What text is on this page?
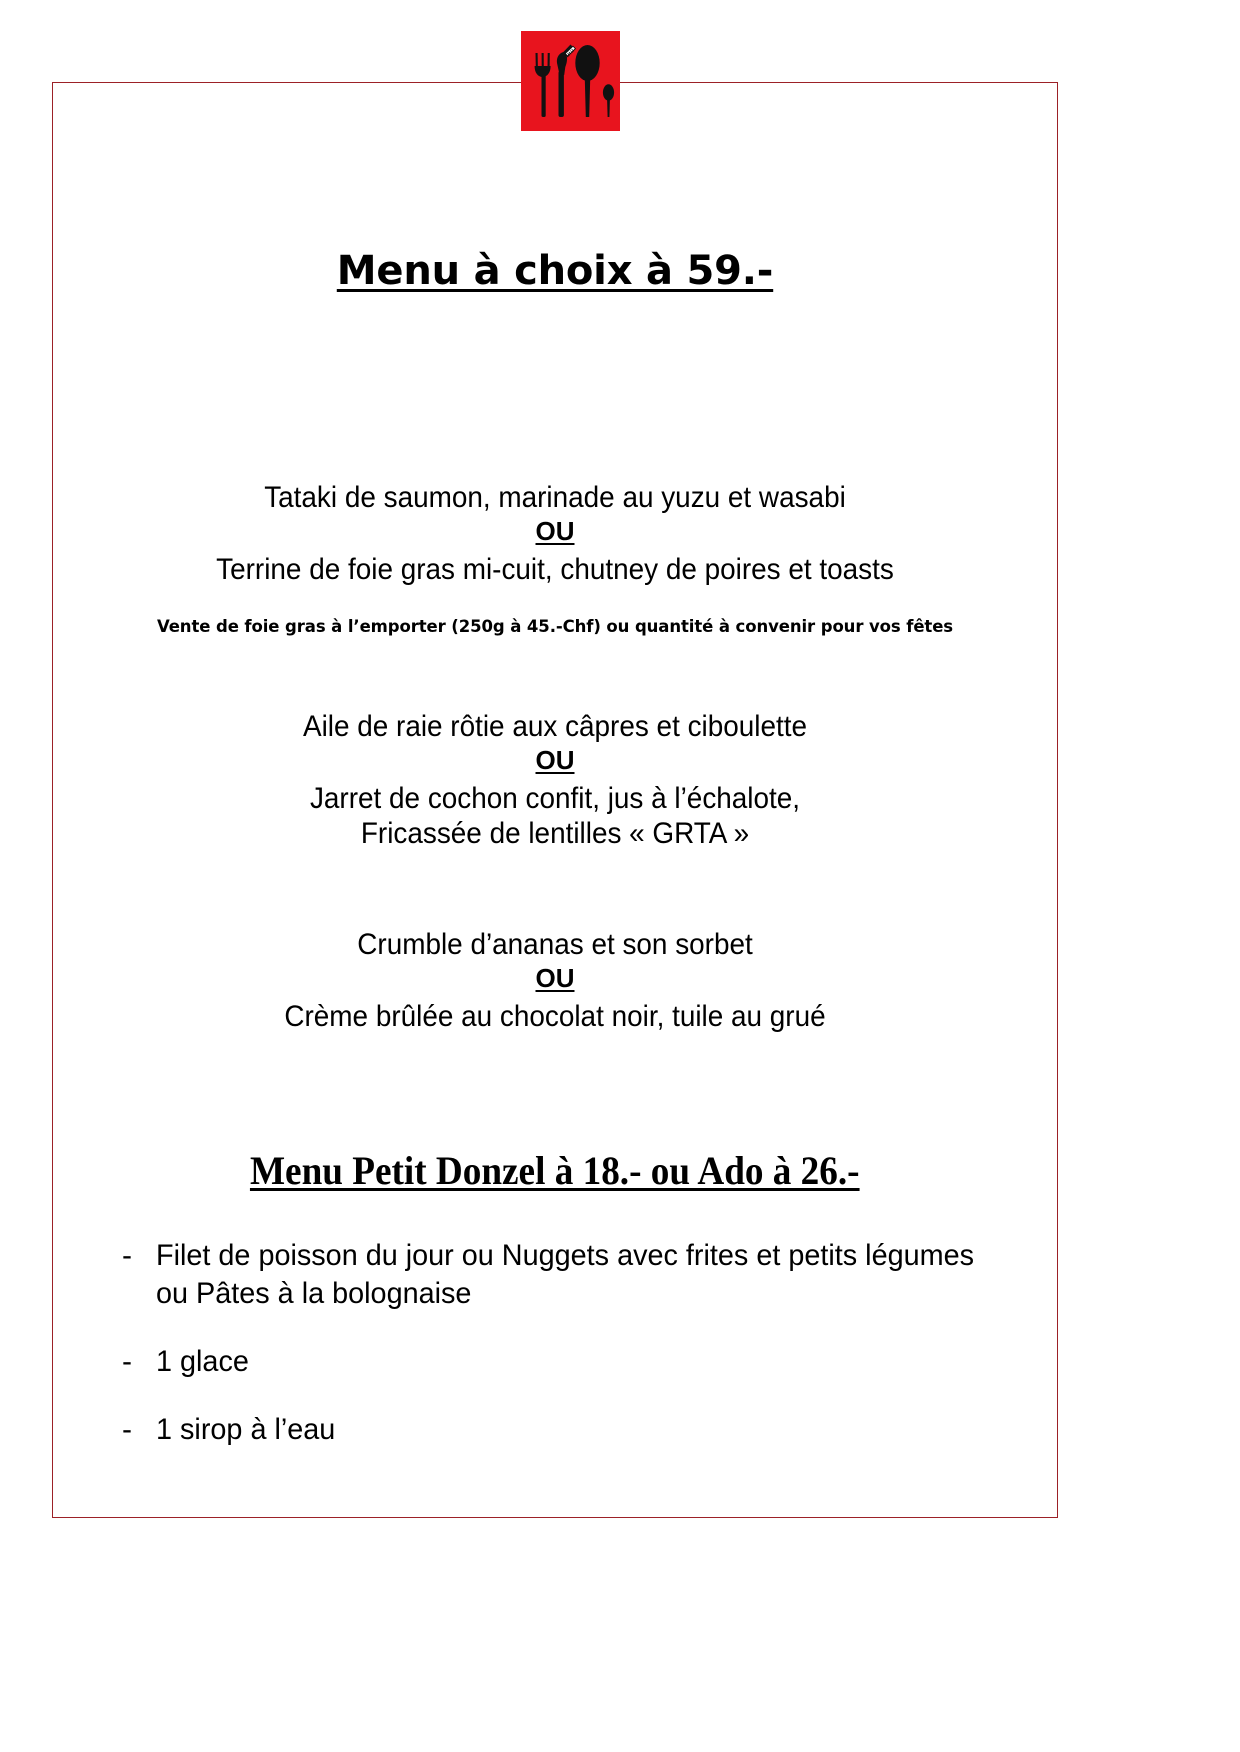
Menu à choix à 59.-
Tataki de saumon, marinade au yuzu et wasabi
OU
Terrine de foie gras mi-cuit, chutney de poires et toasts
Vente de foie gras à l’emporter (250g à 45.-Chf) ou quantité à convenir pour vos fêtes
Aile de raie rôtie aux câpres et ciboulette
OU
Jarret de cochon confit, jus à l’échalote,
Fricassée de lentilles « GRTA »
Crumble d’ananas et son sorbet
OU
Crème brûlée au chocolat noir, tuile au grué
Menu Petit Donzel à 18.- ou Ado à 26.-
- Filet de poisson du jour ou Nuggets avec frites et petits légumes
ou Pâtes à la bolognaise
- 1 glace
- 1 sirop à l’eau
